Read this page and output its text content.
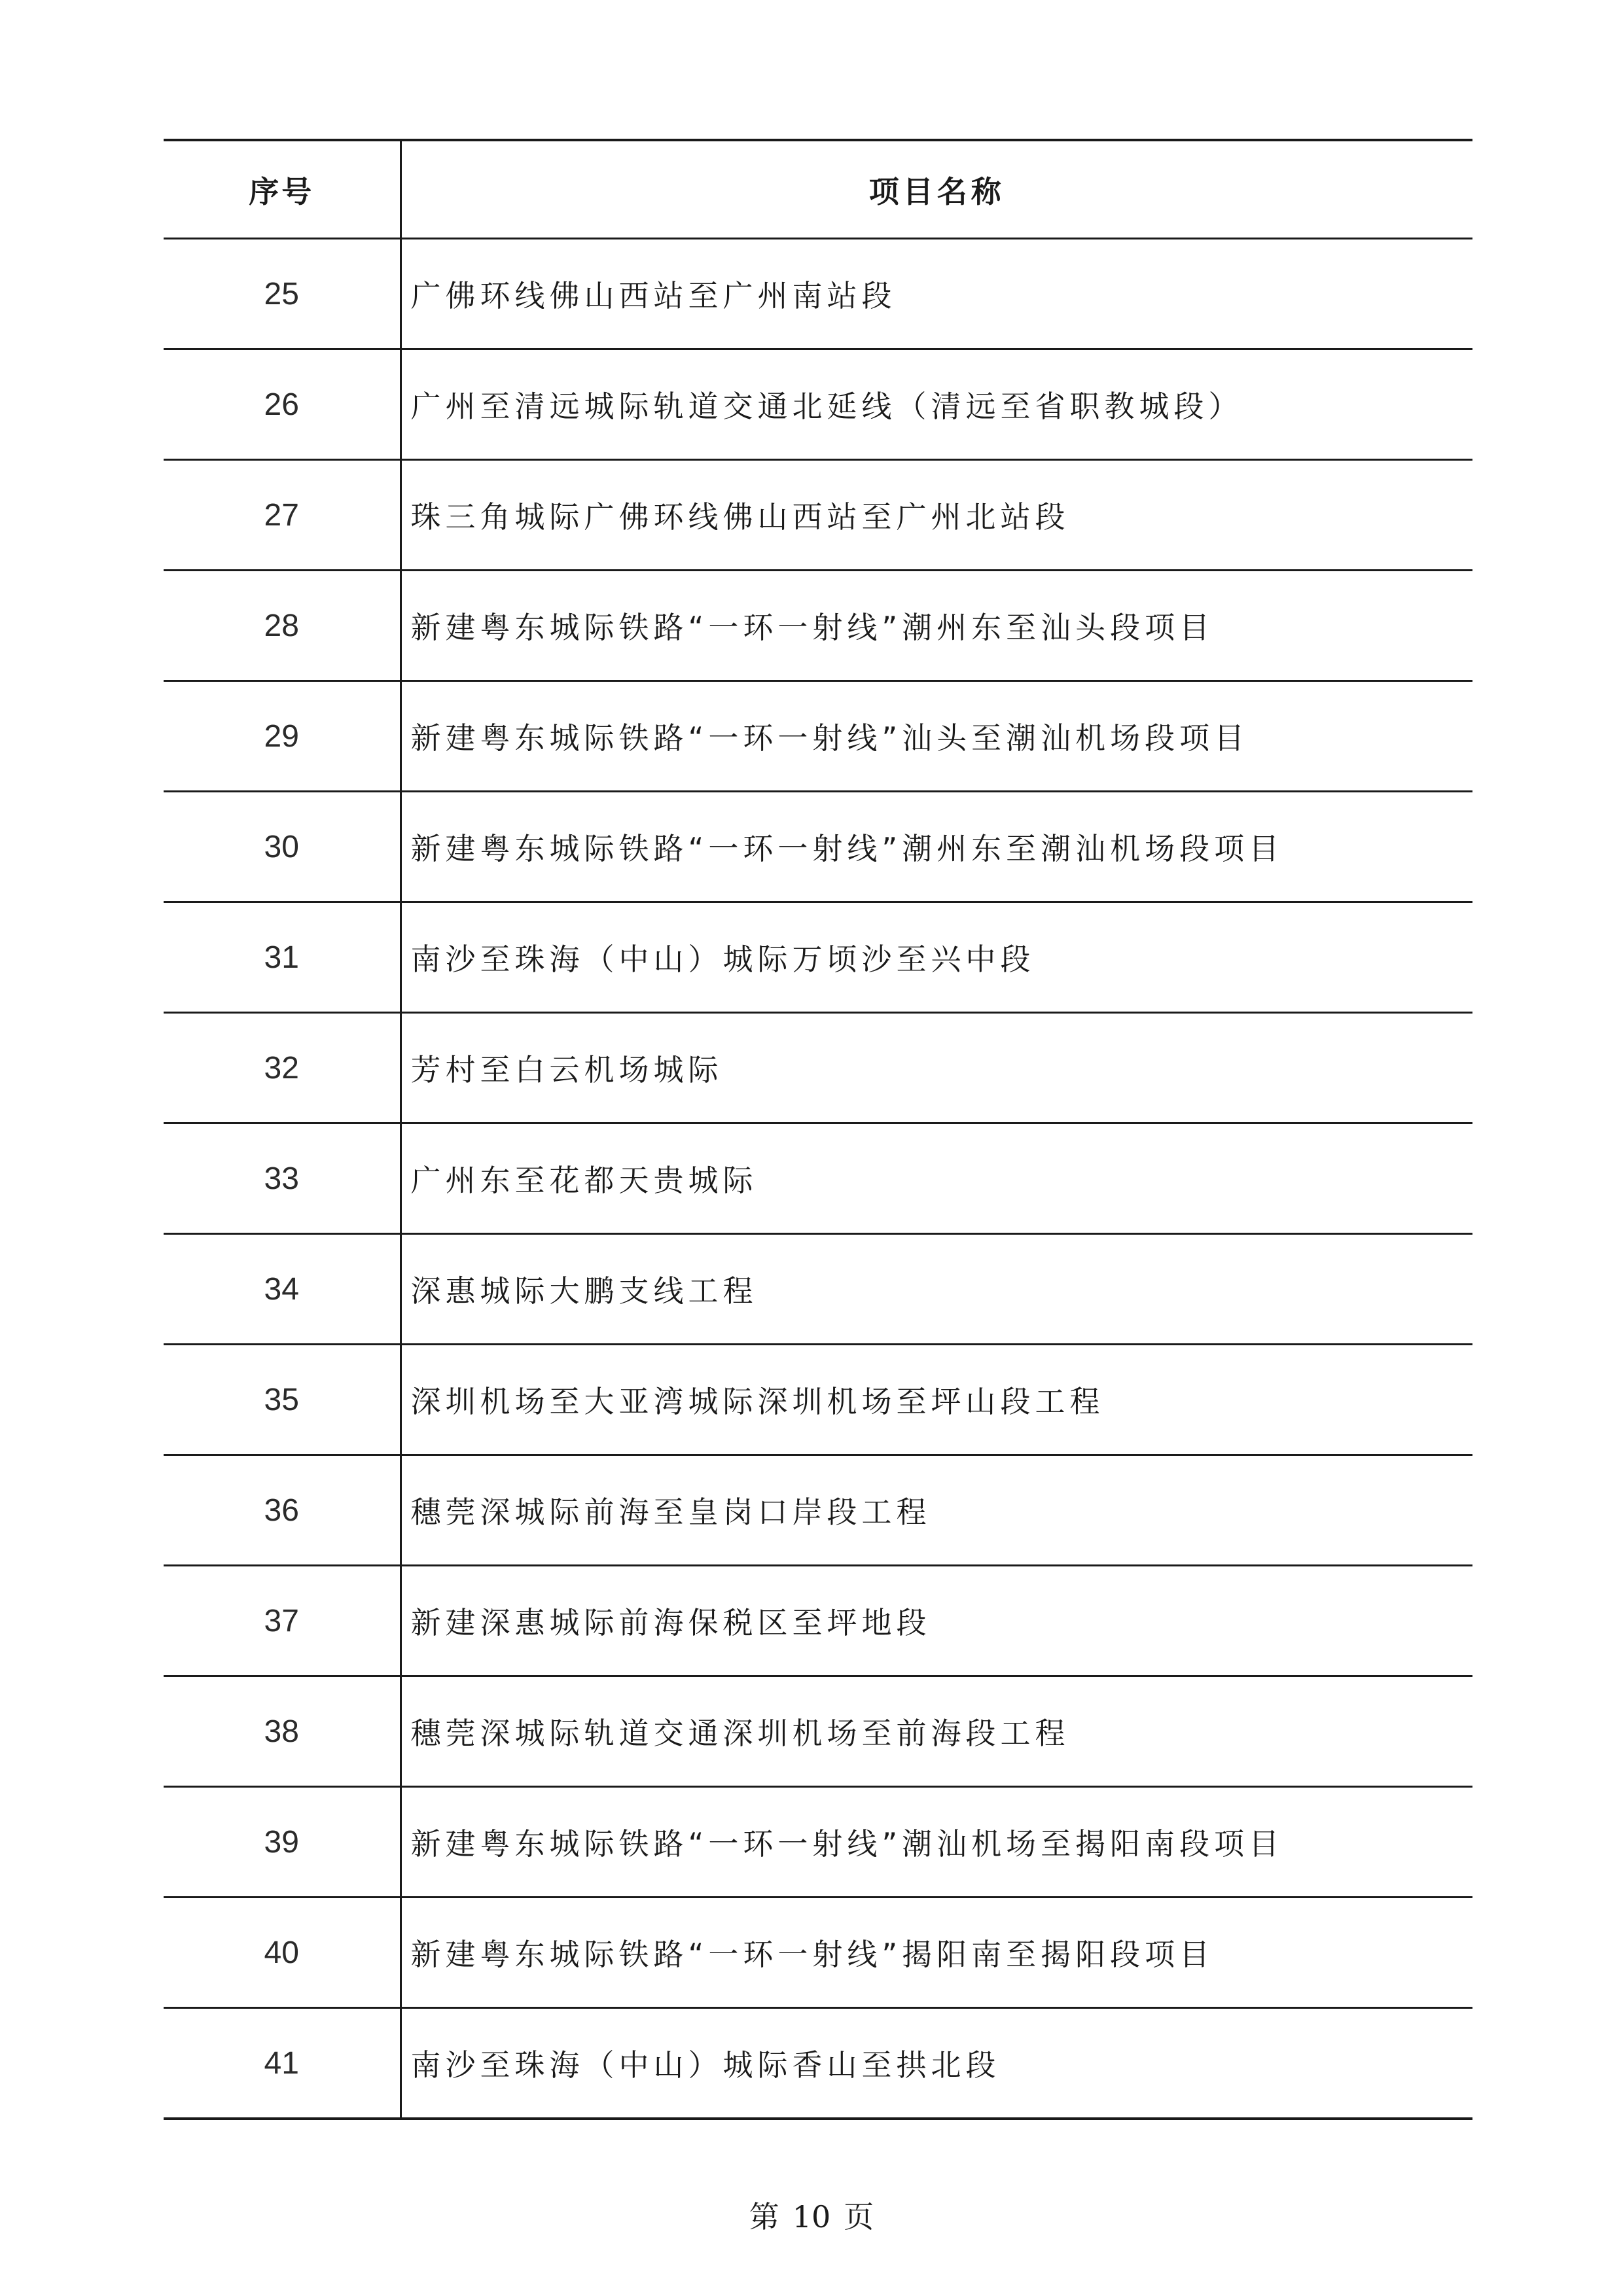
序号	项目名称
25	广佛环线佛山西站至广州南站段
26	广州至清远城际轨道交通北延线（清远至省职教城段）
27	珠三角城际广佛环线佛山西站至广州北站段
28	新建粤东城际铁路“一环一射线”潮州东至汕头段项目
29	新建粤东城际铁路“一环一射线”汕头至潮汕机场段项目
30	新建粤东城际铁路“一环一射线”潮州东至潮汕机场段项目
31	南沙至珠海（中山）城际万顷沙至兴中段
32	芳村至白云机场城际
33	广州东至花都天贵城际
34	深惠城际大鹏支线工程
35	深圳机场至大亚湾城际深圳机场至坪山段工程
36	穗莞深城际前海至皇岗口岸段工程
37	新建深惠城际前海保税区至坪地段
38	穗莞深城际轨道交通深圳机场至前海段工程
39	新建粤东城际铁路“一环一射线”潮汕机场至揭阳南段项目
40	新建粤东城际铁路“一环一射线”揭阳南至揭阳段项目
41	南沙至珠海（中山）城际香山至拱北段
第 10 页
